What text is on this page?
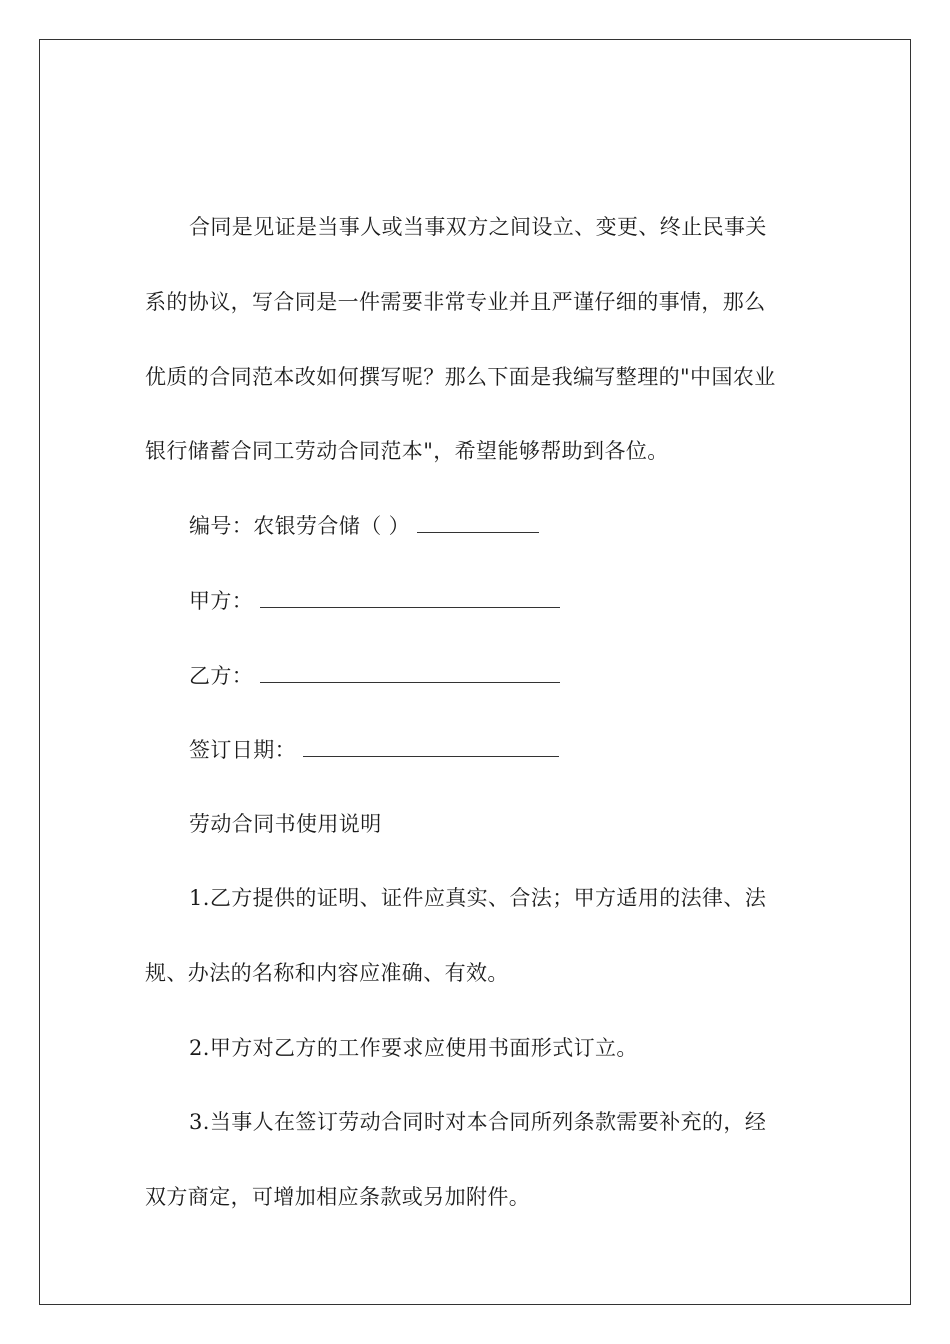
合同是见证是当事人或当事双方之间设立、变更、终止民事关
系的协议，写合同是一件需要非常专业并且严谨仔细的事情，那么
优质的合同范本改如何撰写呢？那么下面是我编写整理的"中国农业
银行储蓄合同工劳动合同范本"，希望能够帮助到各位。
编号：农银劳合储（ ）
甲方：
乙方：
签订日期：
劳动合同书使用说明
1.乙方提供的证明、证件应真实、合法；甲方适用的法律、法
规、办法的名称和内容应准确、有效。
2.甲方对乙方的工作要求应使用书面形式订立。
3.当事人在签订劳动合同时对本合同所列条款需要补充的，经
双方商定，可增加相应条款或另加附件。
